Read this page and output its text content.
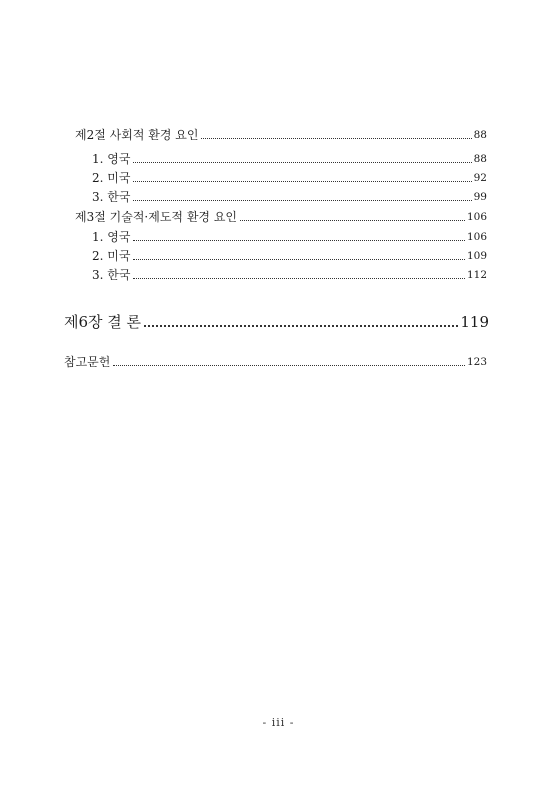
제2절 사회적 환경 요인	88
1. 영국	88
2. 미국	92
3. 한국	99
제3절 기술적·제도적 환경 요인	106
1. 영국	106
2. 미국	109
3. 한국	112
제6장 결 론	119
참고문헌	123
- iii -
